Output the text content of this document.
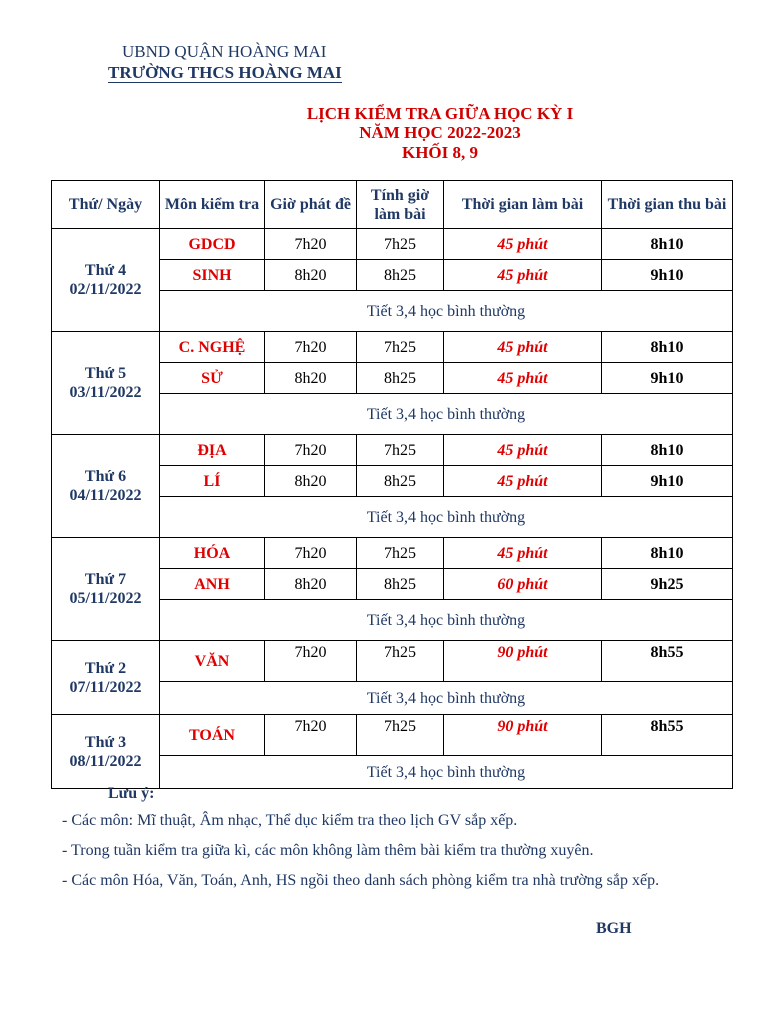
UBND QUẬN HOÀNG MAI
TRƯỜNG THCS HOÀNG MAI
LỊCH KIỂM TRA GIỮA HỌC KỲ I
NĂM HỌC 2022-2023
KHỐI 8, 9
Thứ/ Ngày	Môn kiểm tra	Giờ phát đề	Tính giờ làm bài	Thời gian làm bài	Thời gian thu bài
Thứ 4
02/11/2022	GDCD	7h20	7h25	45 phút	8h10
	SINH	8h20	8h25	45 phút	9h10
	Tiết 3,4 học bình thường				
Thứ 5
03/11/2022	C. NGHỆ	7h20	7h25	45 phút	8h10
	SỬ	8h20	8h25	45 phút	9h10
	Tiết 3,4 học bình thường				
Thứ 6
04/11/2022	ĐỊA	7h20	7h25	45 phút	8h10
	LÍ	8h20	8h25	45 phút	9h10
	Tiết 3,4 học bình thường				
Thứ 7
05/11/2022	HÓA	7h20	7h25	45 phút	8h10
	ANH	8h20	8h25	60 phút	9h25
	Tiết 3,4 học bình thường				
Thứ 2
07/11/2022	VĂN	7h20	7h25	90 phút	8h55
	Tiết 3,4 học bình thường				
Thứ 3
08/11/2022	TOÁN	7h20	7h25	90 phút	8h55
	Tiết 3,4 học bình thường				
Lưu ý:
- Các môn: Mĩ thuật, Âm nhạc, Thể dục kiểm tra theo lịch GV sắp xếp.
- Trong tuần kiểm tra giữa kì, các môn không làm thêm bài kiểm tra thường xuyên.
- Các môn Hóa, Văn, Toán, Anh, HS ngồi theo danh sách phòng kiểm tra nhà trường sắp xếp.
BGH
